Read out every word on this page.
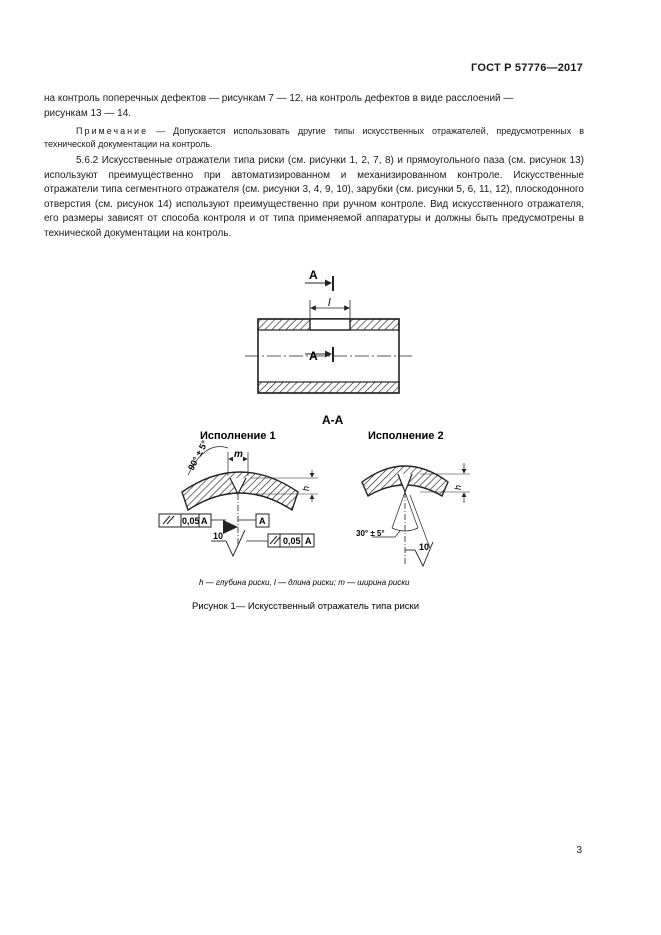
ГОСТ Р 57776—2017
на контроль поперечных дефектов — рисункам 7 — 12, на контроль дефектов в виде расслоений —
рисункам 13 — 14.
Примечание — Допускается использовать другие типы искусственных отражателей, предусмотренных в технической документации на контроль.
5.6.2 Искусственные отражатели типа риски (см. рисунки 1, 2, 7, 8) и прямоугольного паза (см. рисунок 13) используют преимущественно при автоматизированном и механизированном контроле. Искусственные отражатели типа сегментного отражателя (см. рисунки 3, 4, 9, 10), зарубки (см. рисунки 5, 6, 11, 12), плоскодонного отверстия (см. рисунок 14) используют преимущественно при ручном контроле. Вид искусственного отражателя, его размеры зависят от способа контроля и от типа применяемой аппаратуры и должны быть предусмотрены в технической документации на контроль.
A
A
l
А-А
Исполнение 1
90° ± 5° m
h
0,05 A	A
0,05 A
10
Исполнение 2
h
30° ± 5°
10
h — глубина риски, l — длина риски; m — ширина риски
Рисунок 1— Искусственный отражатель типа риски
3
